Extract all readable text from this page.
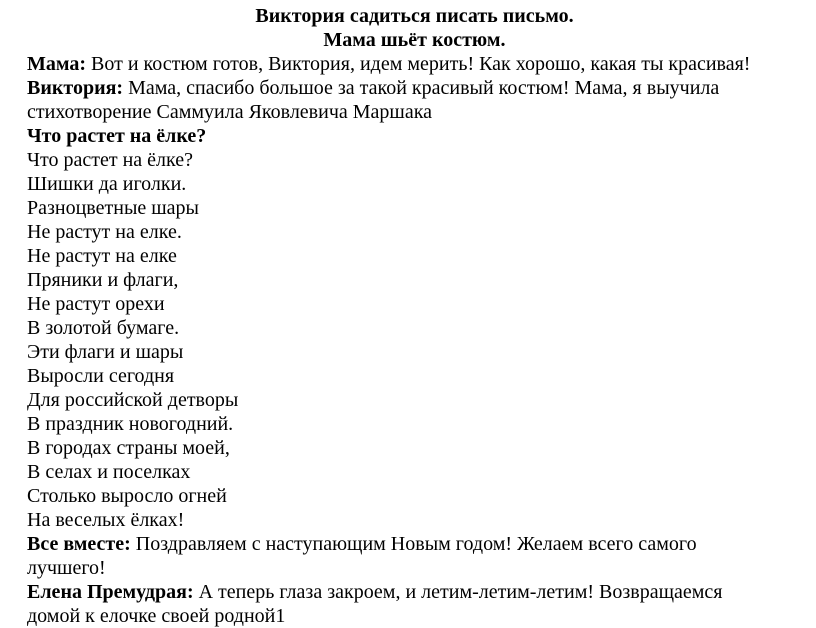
Виктория садиться писать письмо.

Мама шьёт костюм.

Мама: Вот и костюм готов, Виктория, идем мерить! Как хорошо, какая ты красивая!

Виктория: Мама, спасибо большое за такой красивый костюм! Мама, я выучила стихотворение Саммуила Яковлевича Маршака

Что растет на ёлке?

Что растет на ёлке?

Шишки да иголки.

Разноцветные шары

Не растут на елке.

Не растут на елке

Пряники и флаги,

Не растут орехи

В золотой бумаге.

Эти флаги и шары

Выросли сегодня

Для российской детворы

В праздник новогодний.

В городах страны моей,

В селах и поселках

Столько выросло огней

На веселых ёлках!

Все вместе: Поздравляем с наступающим Новым годом! Желаем всего самого лучшего!

Елена Премудрая: А теперь глаза закроем, и летим-летим-летим! Возвращаемся домой к елочке своей родной1
